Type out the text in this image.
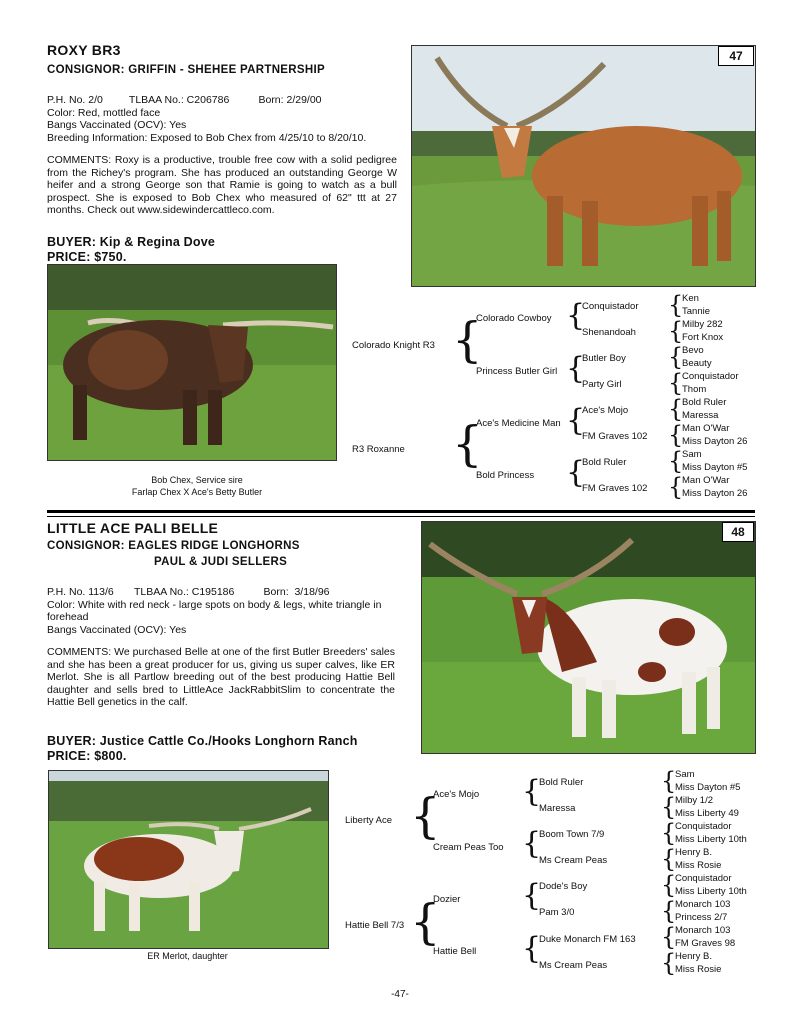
ROXY BR3
CONSIGNOR: GRIFFIN - SHEHEE PARTNERSHIP
P.H. No. 2/0         TLBAA No.: C206786          Born: 2/29/00
Color: Red, mottled face
Bangs Vaccinated (OCV): Yes
Breeding Information: Exposed to Bob Chex from 4/25/10 to 8/20/10.
COMMENTS: Roxy is a productive, trouble free cow with a solid pedigree from the Richey's program. She has produced an outstanding George W heifer and a strong George son that Ramie is going to watch as a bull prospect. She is exposed to Bob Chex who measured of 62" ttt at 27 months. Check out www.sidewindercattleco.com.
BUYER: Kip & Regina Dove
PRICE: $750.
47
Bob Chex, Service sire
Farlap Chex X Ace's Betty Butler
Colorado Knight R3
R3 Roxanne
{
{
Colorado Cowboy
Princess Butler Girl
Ace's Medicine Man
Bold Princess
{
{
{
{
Conquistador
Shenandoah
Butler Boy
Party Girl
Ace's Mojo
FM Graves 102
Bold Ruler
FM Graves 102
{
{
{
{
{
{
{
{
Ken
Tannie
Milby 282
Fort Knox
Bevo
Beauty
Conquistador
Thom
Bold Ruler
Maressa
Man O'War
Miss Dayton 26
Sam
Miss Dayton #5
Man O'War
Miss Dayton 26
LITTLE ACE PALI BELLE
CONSIGNOR: EAGLES RIDGE LONGHORNS
PAUL & JUDI SELLERS
P.H. No. 113/6       TLBAA No.: C195186          Born:  3/18/96
Color: White with red neck - large spots on body & legs, white triangle in forehead
Bangs Vaccinated (OCV): Yes
COMMENTS: We purchased Belle at one of the first Butler Breeders' sales and she has been a great producer for us, giving us super calves, like ER Merlot. She is all Partlow breeding out of the best producing Hattie Bell daughter and sells bred to LittleAce JackRabbitSlim to concentrate the Hattie Bell genetics in the calf.
BUYER: Justice Cattle Co./Hooks Longhorn Ranch
PRICE: $800.
48
ER Merlot, daughter
Liberty Ace
Hattie Bell 7/3
{
{
Ace's Mojo
Cream Peas Too
Dozier
Hattie Bell
{
{
{
{
Bold Ruler
Maressa
Boom Town 7/9
Ms Cream Peas
Dode's Boy
Pam 3/0
Duke Monarch FM 163
Ms Cream Peas
{
{
{
{
{
{
{
{
Sam
Miss Dayton #5
Milby 1/2
Miss Liberty 49
Conquistador
Miss Liberty 10th
Henry B.
Miss Rosie
Conquistador
Miss Liberty 10th
Monarch 103
Princess 2/7
Monarch 103
FM Graves 98
Henry B.
Miss Rosie
-47-
